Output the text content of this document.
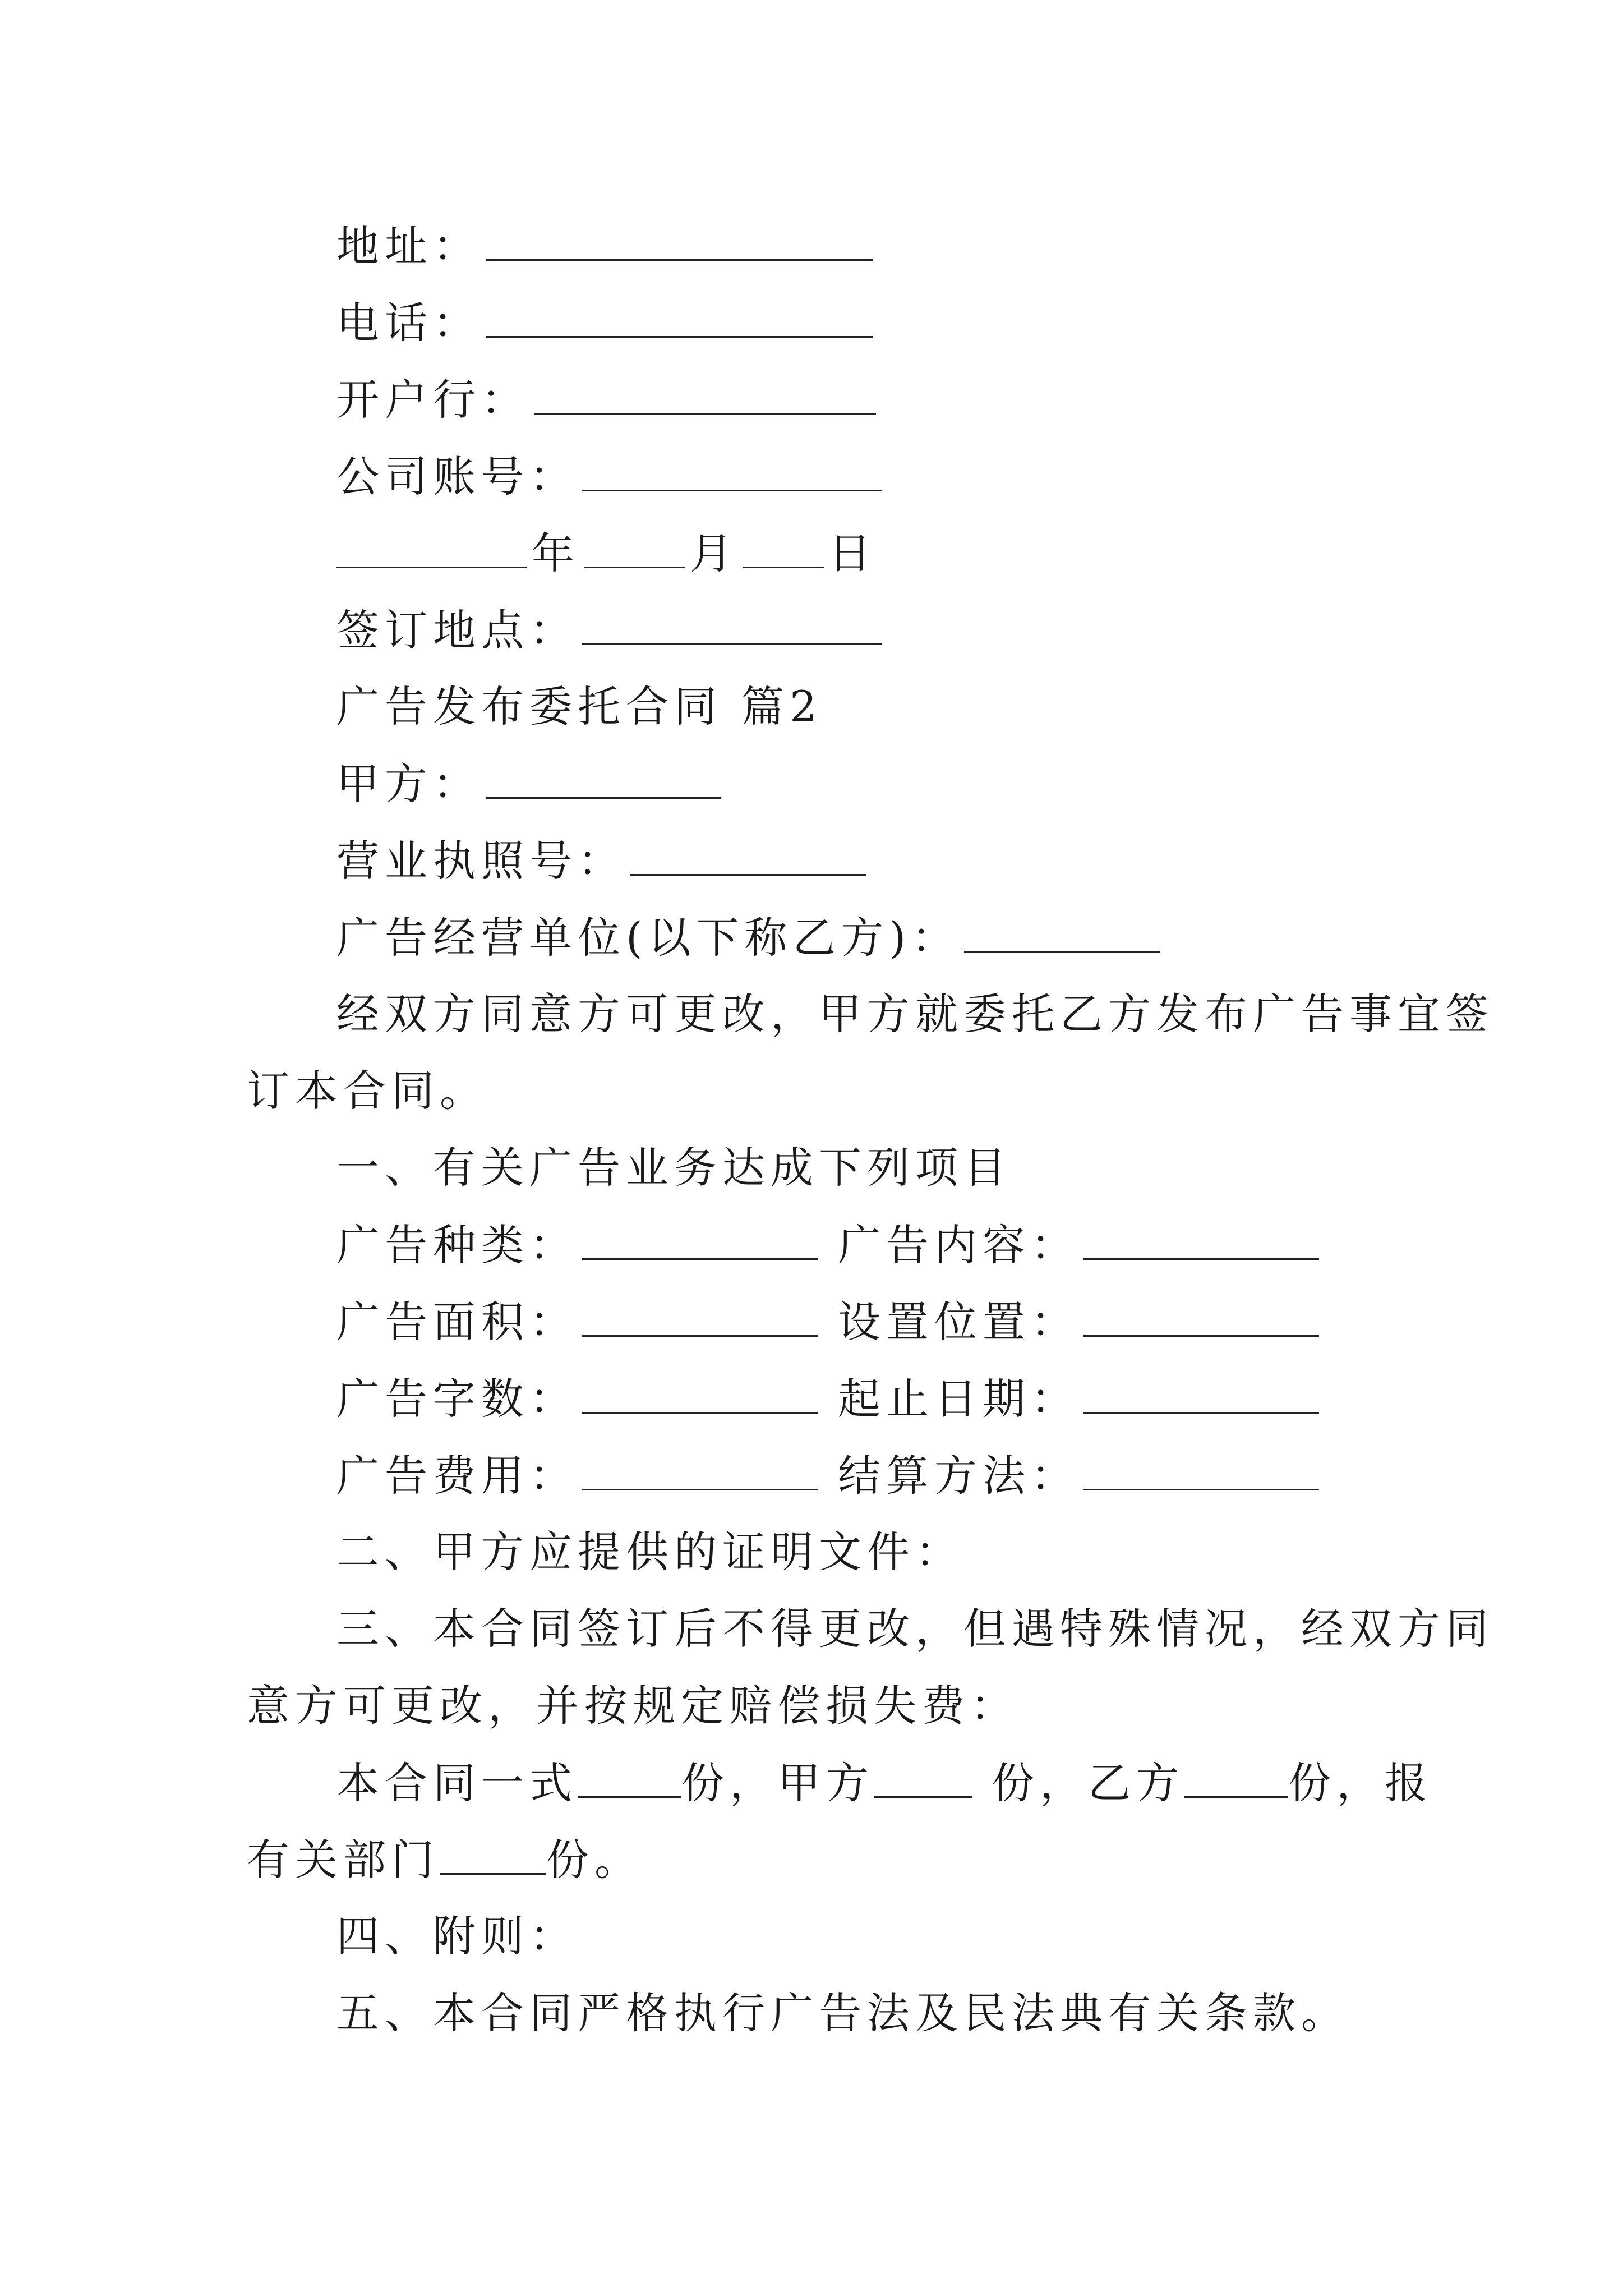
地址：
电话：
开户行：
公司账号：
年	月 日
签订地点：
广告发布委托合同 篇2
甲方：
营业执照号：
广告经营单位(以下称乙方)：
经双方同意方可更改，甲方就委托乙方发布广告事宜签
订本合同。
一、有关广告业务达成下列项目
广告种类：	广告内容：
广告面积：	设置位置：
广告字数：	起止日期：
广告费用：	结算方法：
二、甲方应提供的证明文件：
三、本合同签订后不得更改，但遇特殊情况，经双方同
意方可更改，并按规定赔偿损失费：
本合同一式 份，甲方 份，乙方 份，报
有关部门	份。
四、附则：
五、本合同严格执行广告法及民法典有关条款。
